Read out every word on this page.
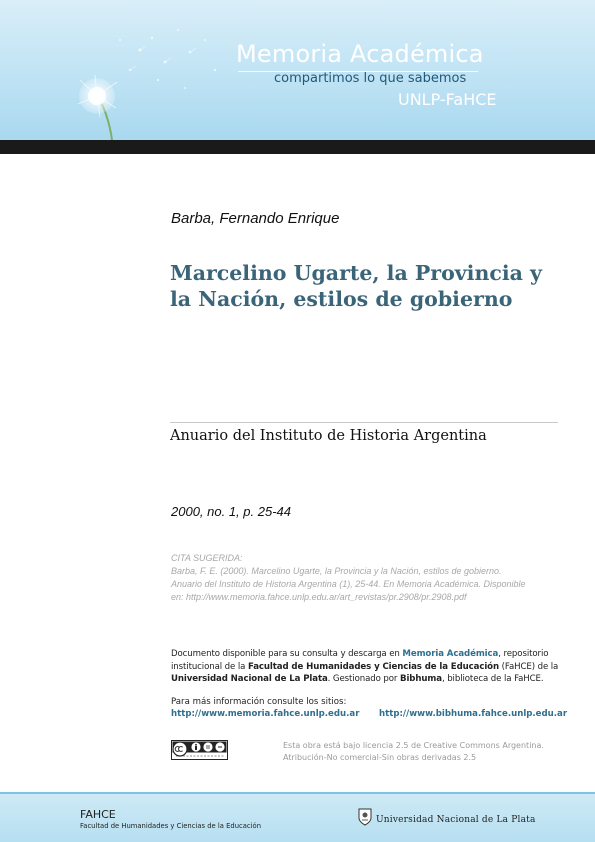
Memoria Académica
compartimos lo que sabemos
UNLP-FaHCE
Barba, Fernando Enrique
Marcelino Ugarte, la Provincia y la Nación, estilos de gobierno
Anuario del Instituto de Historia Argentina
2000, no. 1, p. 25-44
CITA SUGERIDA:
Barba, F. E. (2000). Marcelino Ugarte, la Provincia y la Nación, estilos de gobierno.
Anuario del Instituto de Historia Argentina (1), 25-44. En Memoria Académica. Disponible
en: http://www.memoria.fahce.unlp.edu.ar/art_revistas/pr.2908/pr.2908.pdf
Documento disponible para su consulta y descarga en Memoria Académica, repositorio
institucional de la Facultad de Humanidades y Ciencias de la Educación (FaHCE) de la
Universidad Nacional de La Plata. Gestionado por Bibhuma, biblioteca de la FaHCE.
Para más información consulte los sitios:
http://www.memoria.fahce.unlp.edu.ar http://www.bibhuma.fahce.unlp.edu.ar
Esta obra está bajo licencia 2.5 de Creative Commons Argentina.
Atribución-No comercial-Sin obras derivadas 2.5
FAHCE
Facultad de Humanidades y Ciencias de la Educación
Universidad Nacional de La Plata
